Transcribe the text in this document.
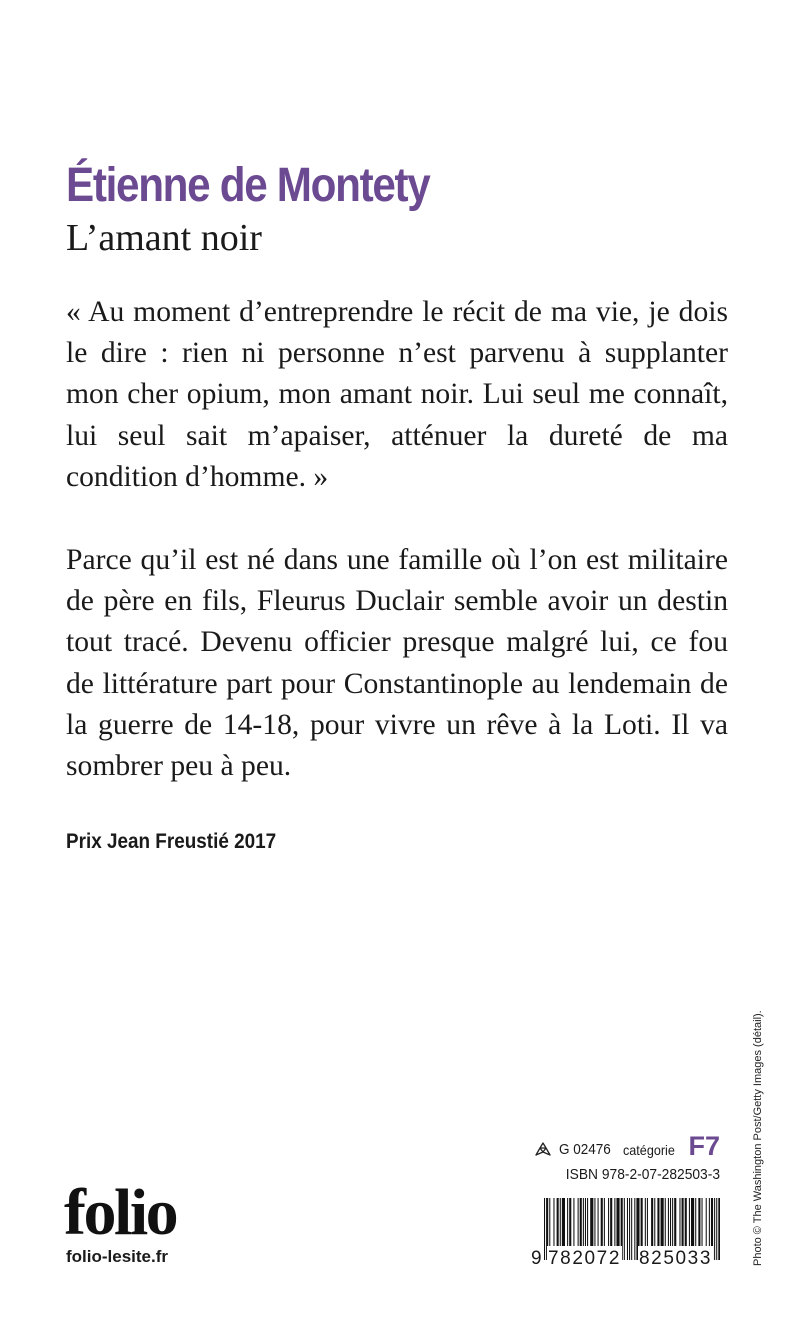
Étienne de Montety
L’amant noir

« Au moment d’entreprendre le récit de ma vie, je dois le dire : rien ni personne n’est parvenu à supplanter mon cher opium, mon amant noir. Lui seul me connaît, lui seul sait m’apaiser, atténuer la dureté de ma condition d’homme. »

Parce qu’il est né dans une famille où l’on est militaire de père en fils, Fleurus Duclair semble avoir un destin tout tracé. Devenu officier presque malgré lui, ce fou de littérature part pour Constantinople au lendemain de la guerre de 14-18, pour vivre un rêve à la Loti. Il va sombrer peu à peu.

Prix Jean Freustié 2017
Photo © The Washington Post/Getty Images (détail).
G 02476 catégorie F7
ISBN 978-2-07-282503-3
9 782072 825033
folio
folio-lesite.fr
